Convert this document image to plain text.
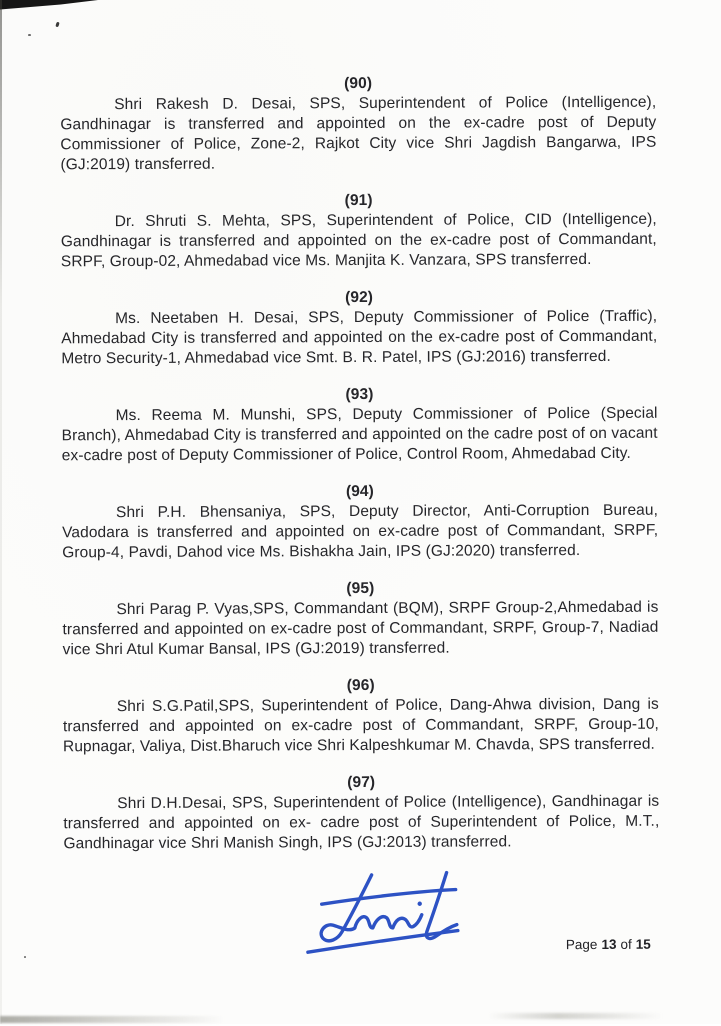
(90)

Shri Rakesh D. Desai, SPS, Superintendent of Police (Intelligence), Gandhinagar is transferred and appointed on the ex-cadre post of Deputy Commissioner of Police, Zone-2, Rajkot City vice Shri Jagdish Bangarwa, IPS (GJ:2019) transferred.

(91)

Dr. Shruti S. Mehta, SPS, Superintendent of Police, CID (Intelligence), Gandhinagar is transferred and appointed on the ex-cadre post of Commandant, SRPF, Group-02, Ahmedabad vice Ms. Manjita K. Vanzara, SPS transferred.

(92)

Ms. Neetaben H. Desai, SPS, Deputy Commissioner of Police (Traffic), Ahmedabad City is transferred and appointed on the ex-cadre post of Commandant, Metro Security-1, Ahmedabad vice Smt. B. R. Patel, IPS (GJ:2016) transferred.

(93)

Ms. Reema M. Munshi, SPS, Deputy Commissioner of Police (Special Branch), Ahmedabad City is transferred and appointed on the cadre post of on vacant ex-cadre post of Deputy Commissioner of Police, Control Room, Ahmedabad City.

(94)

Shri P.H. Bhensaniya, SPS, Deputy Director, Anti-Corruption Bureau, Vadodara is transferred and appointed on ex-cadre post of Commandant, SRPF, Group-4, Pavdi, Dahod vice Ms. Bishakha Jain, IPS (GJ:2020) transferred.

(95)

Shri Parag P. Vyas,SPS, Commandant (BQM), SRPF Group-2,Ahmedabad is transferred and appointed on ex-cadre post of Commandant, SRPF, Group-7, Nadiad vice Shri Atul Kumar Bansal, IPS (GJ:2019) transferred.

(96)

Shri S.G.Patil,SPS, Superintendent of Police, Dang-Ahwa division, Dang is transferred and appointed on ex-cadre post of Commandant, SRPF, Group-10, Rupnagar, Valiya, Dist.Bharuch vice Shri Kalpeshkumar M. Chavda, SPS transferred.

(97)

Shri D.H.Desai, SPS, Superintendent of Police (Intelligence), Gandhinagar is transferred and appointed on ex- cadre post of Superintendent of Police, M.T., Gandhinagar vice Shri Manish Singh, IPS (GJ:2013) transferred.

Page 13 of 15
